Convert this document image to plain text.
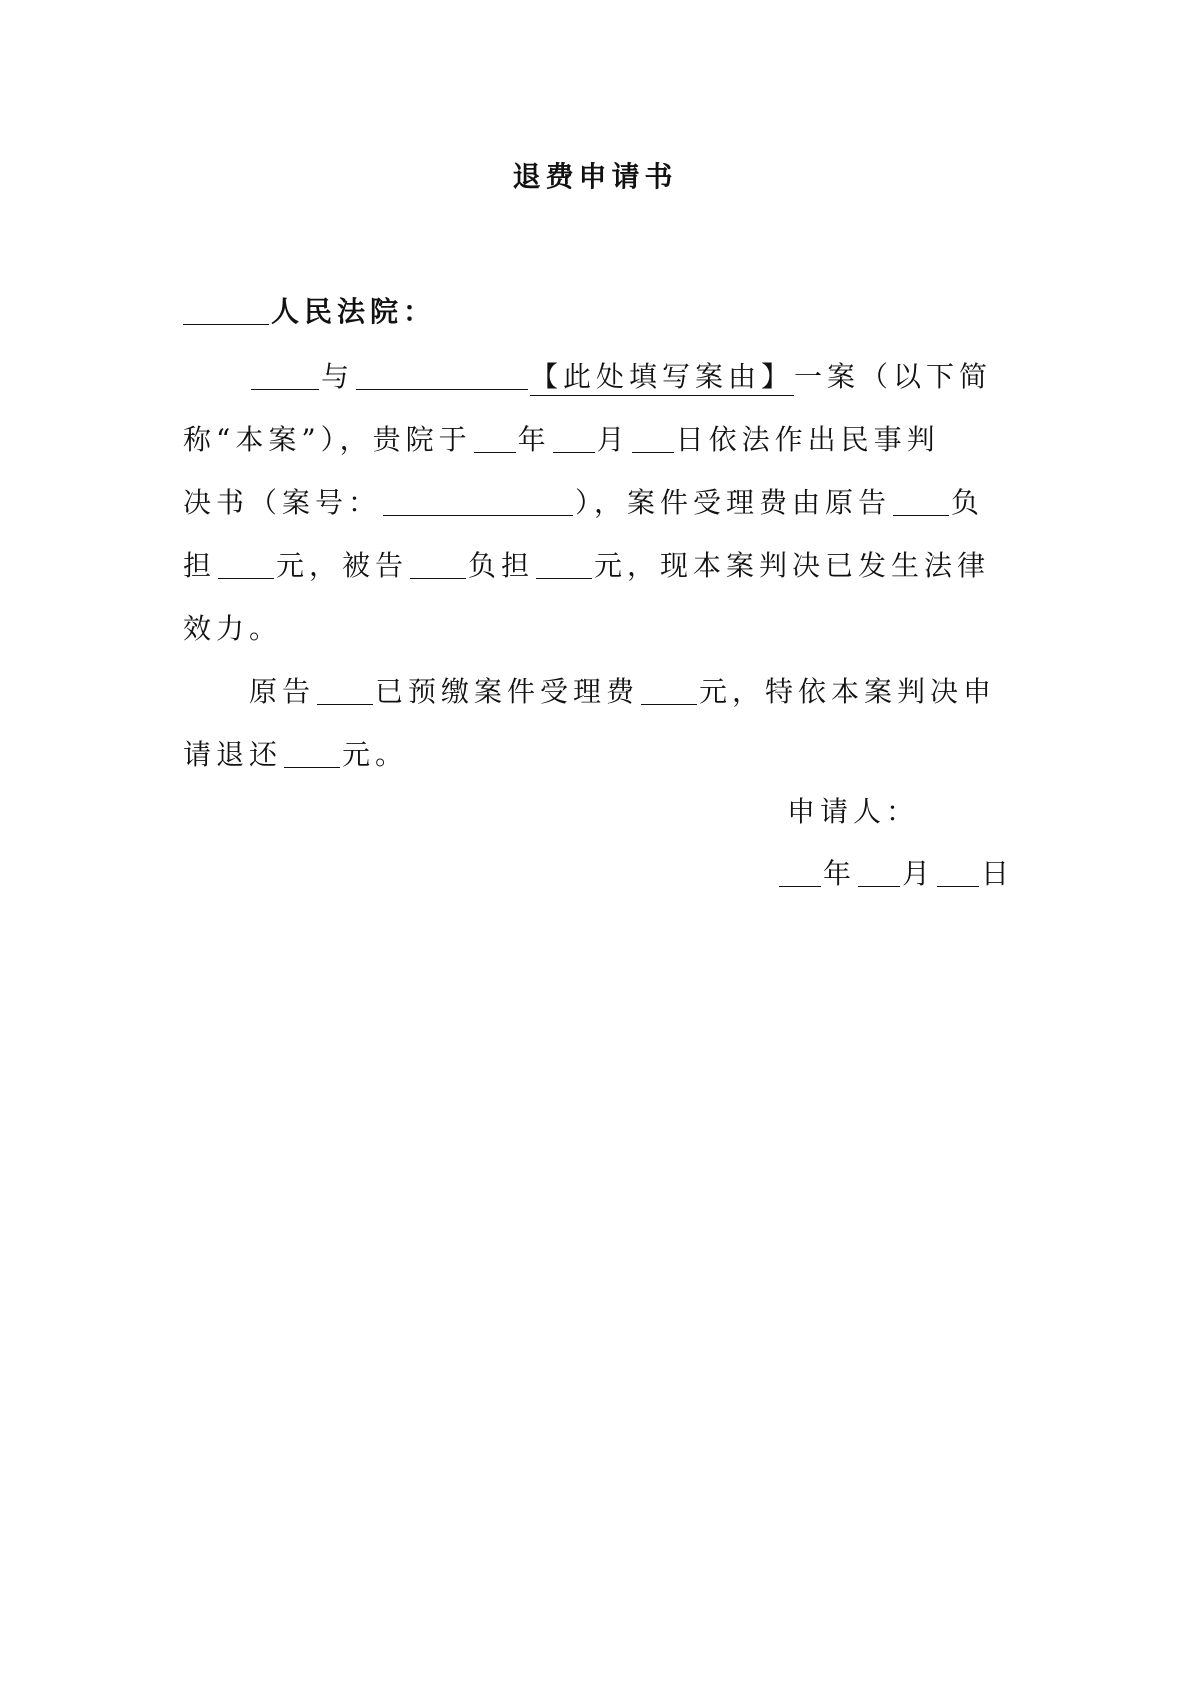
退费申请书
人民法院：
与	【此处填写案由】一案（以下简
称“本案”），贵院于 年 月 日依法作出民事判
决书（案号：	），案件受理费由原告 负
担 元，被告 负担 元，现本案判决已发生法律
效力。
原告 已预缴案件受理费 元，特依本案判决申
请退还 元。
申请人：
年 月 日
